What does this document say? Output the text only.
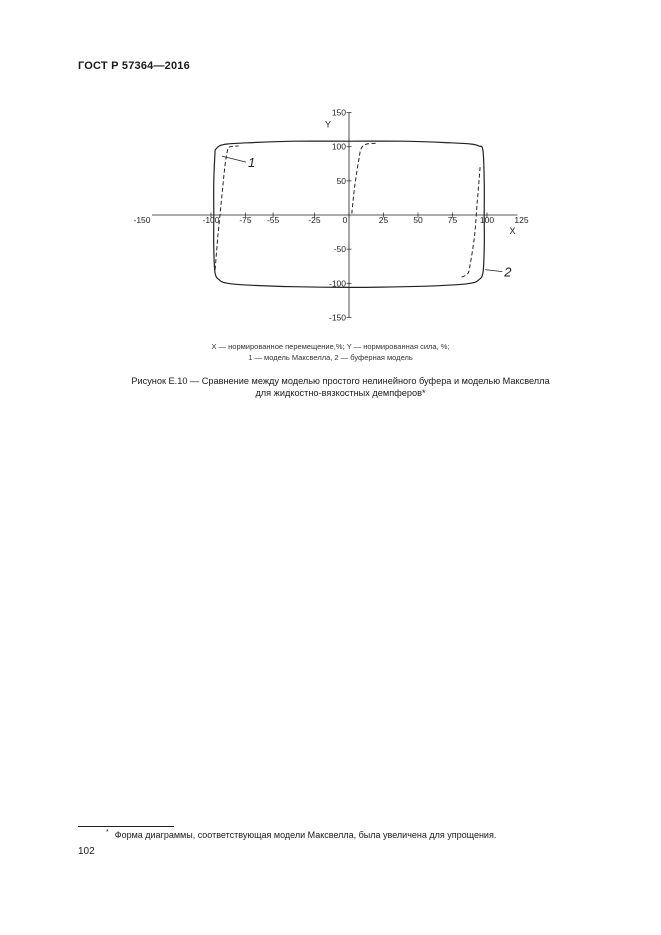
ГОСТ Р 57364—2016
-150	-100 -75 -55	-25	0	25	50	75	100 125
150
100
50
-50
-100
-150
X
Y
1
2
X — нормированное перемещение,%; Y — нормированная сила, %;
1 — модель Максвелла, 2 — буферная модель
Рисунок Е.10 — Сравнение между моделью простого нелинейного буфера и моделью Максвелла
для жидкостно-вязкостных демпферов*
* Форма диаграммы, соответствующая модели Максвелла, была увеличена для упрощения.
102
